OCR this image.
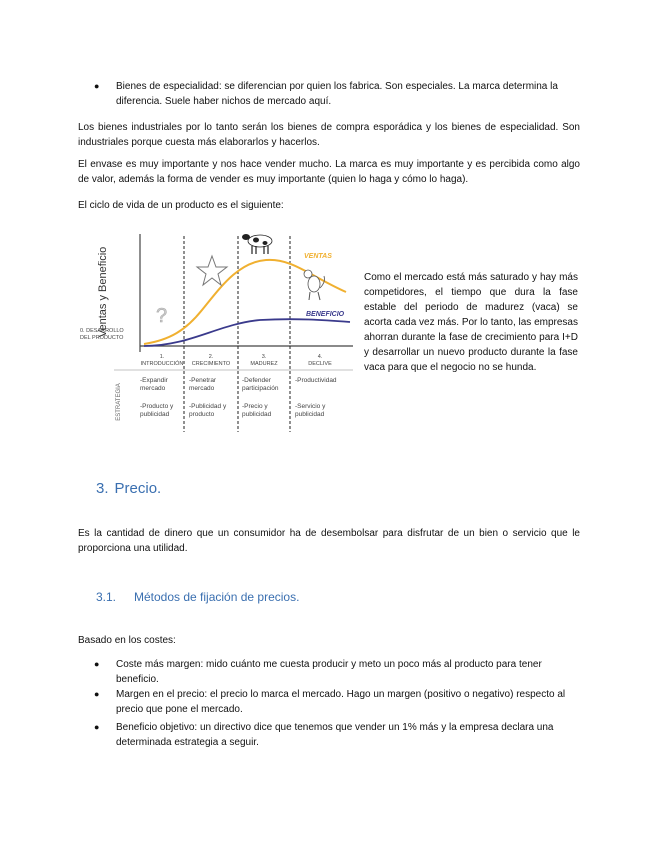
● Bienes de especialidad: se diferencian por quien los fabrica. Son especiales. La marca determina la diferencia. Suele haber nichos de mercado aquí.

Los bienes industriales por lo tanto serán los bienes de compra esporádica y los bienes de especialidad. Son industriales porque cuesta más elaborarlos y hacerlos.

El envase es muy importante y nos hace vender mucho. La marca es muy importante y es percibida como algo de valor, además la forma de vender es muy importante (quien lo haga y cómo lo haga).

El ciclo de vida de un producto es el siguiente:

Ventas y Beneficio
0. DESARROLLO
DEL PRODUCTO
ESTRATEGIA
VENTAS
BENEFICIO
?
1.
INTRODUCCIÓN
2.
CRECIMIENTO
3.
MADUREZ
4.
DECLIVE
-Expandir
mercado
-Producto y
publicidad
-Penetrar
mercado
-Publicidad y
producto
-Defender
participación
-Precio y
publicidad
-Productividad
-Servicio y
publicidad

Como el mercado está más saturado y hay más competidores, el tiempo que dura la fase estable del periodo de madurez (vaca) se acorta cada vez más. Por lo tanto, las empresas ahorran durante la fase de crecimiento para I+D y desarrollar un nuevo producto durante la fase vaca para que el negocio no se hunda.

3. Precio.

Es la cantidad de dinero que un consumidor ha de desembolsar para disfrutar de un bien o servicio que le proporciona una utilidad.

3.1. Métodos de fijación de precios.

Basado en los costes:

● Coste más margen: mido cuánto me cuesta producir y meto un poco más al producto para tener beneficio.
● Margen en el precio: el precio lo marca el mercado. Hago un margen (positivo o negativo) respecto al precio que pone el mercado.
● Beneficio objetivo: un directivo dice que tenemos que vender un 1% más y la empresa declara una determinada estrategia a seguir.
